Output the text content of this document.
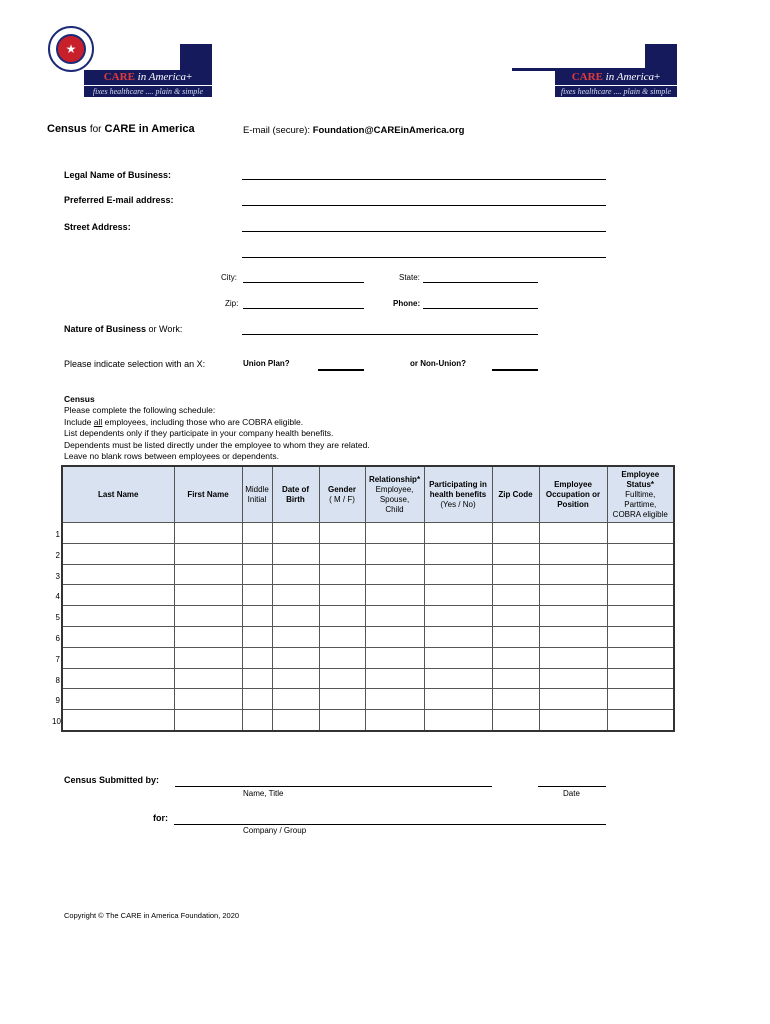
CARE in America+
fixes healthcare .... plain & simple
★
CARE in America+
fixes healthcare .... plain & simple
Census for CARE in America	E-mail (secure): Foundation@CAREinAmerica.org
Legal Name of Business:
Preferred E-mail address:
Street Address:
City:	State:
Zip:	Phone:
Nature of Business or Work:
Please indicate selection with an X:	Union Plan?	or Non-Union?
Census
Please complete the following schedule:
Include all employees, including those who are COBRA eligible.
List dependents only if they participate in your company health benefits.
Dependents must be listed directly under the employee to whom they are related.
Leave no blank rows between employees or dependents.
Last Name	First Name	Middle
Initial	Date of
Birth	Gender
( M / F)	Relationship*
Employee,
Spouse,
Child	Participating in
health benefits
(Yes / No)	Zip Code	Employee
Occupation or
Position	Employee
Status*
Fulltime,
Parttime,
COBRA eligible

1
2
3
4
5
6
7
8
9
10
Census Submitted by:
Name, Title	Date
for:
Company / Group
Copyright © The CARE in America Foundation, 2020
